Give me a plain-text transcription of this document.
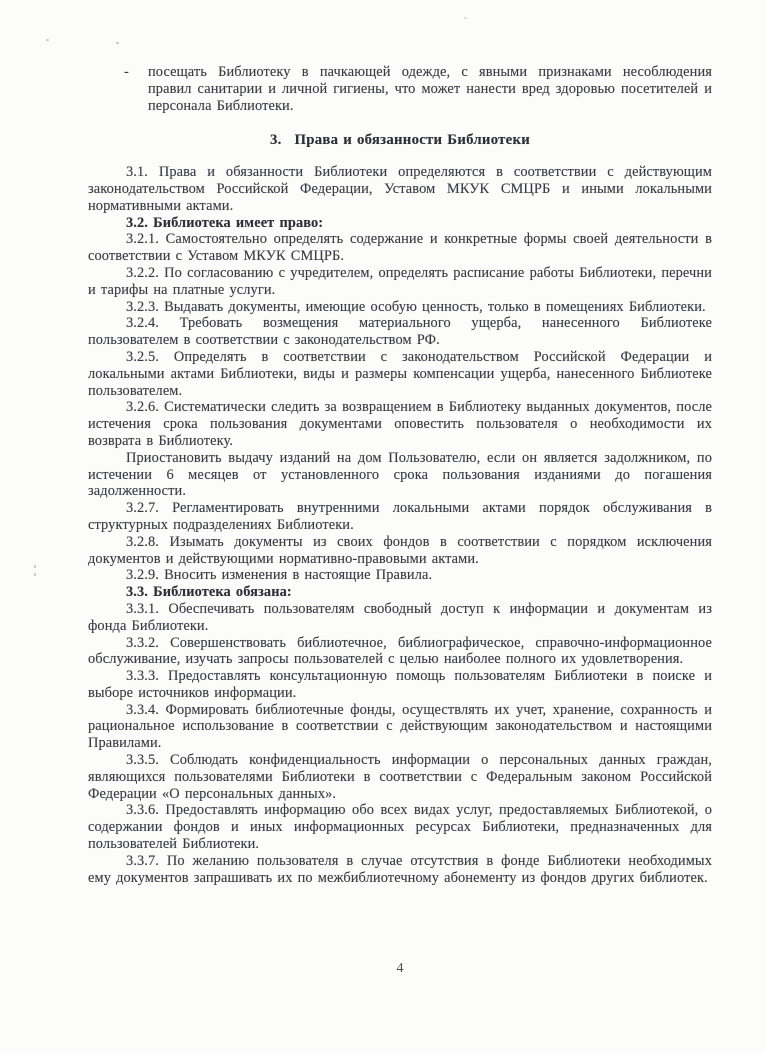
- посещать Библиотеку в пачкающей одежде, с явными признаками несоблюдения правил санитарии и личной гигиены, что может нанести вред здоровью посетителей и персонала Библиотеки.
3. Права и обязанности Библиотеки

3.1. Права и обязанности Библиотеки определяются в соответствии с действующим законодательством Российской Федерации, Уставом МКУК СМЦРБ и иными локальными нормативными актами.

3.2. Библиотека имеет право:

3.2.1. Самостоятельно определять содержание и конкретные формы своей деятельности в соответствии с Уставом МКУК СМЦРБ.

3.2.2. По согласованию с учредителем, определять расписание работы Библиотеки, перечни и тарифы на платные услуги.

3.2.3. Выдавать документы, имеющие особую ценность, только в помещениях Библиотеки.

3.2.4. Требовать возмещения материального ущерба, нанесенного Библиотеке пользователем в соответствии с законодательством РФ.

3.2.5. Определять в соответствии с законодательством Российской Федерации и локальными актами Библиотеки, виды и размеры компенсации ущерба, нанесенного Библиотеке пользователем.

3.2.6. Систематически следить за возвращением в Библиотеку выданных документов, после истечения срока пользования документами оповестить пользователя о необходимости их возврата в Библиотеку.

Приостановить выдачу изданий на дом Пользователю, если он является задолжником, по истечении 6 месяцев от установленного срока пользования изданиями до погашения задолженности.

3.2.7. Регламентировать внутренними локальными актами порядок обслуживания в структурных подразделениях Библиотеки.

3.2.8. Изымать документы из своих фондов в соответствии с порядком исключения документов и действующими нормативно-правовыми актами.

3.2.9. Вносить изменения в настоящие Правила.

3.3. Библиотека обязана:

3.3.1. Обеспечивать пользователям свободный доступ к информации и документам из фонда Библиотеки.

3.3.2. Совершенствовать библиотечное, библиографическое, справочно-информационное обслуживание, изучать запросы пользователей с целью наиболее полного их удовлетворения.

3.3.3. Предоставлять консультационную помощь пользователям Библиотеки в поиске и выборе источников информации.

3.3.4. Формировать библиотечные фонды, осуществлять их учет, хранение, сохранность и рациональное использование в соответствии с действующим законодательством и настоящими Правилами.

3.3.5. Соблюдать конфиденциальность информации о персональных данных граждан, являющихся пользователями Библиотеки в соответствии с Федеральным законом Российской Федерации «О персональных данных».

3.3.6. Предоставлять информацию обо всех видах услуг, предоставляемых Библиотекой, о содержании фондов и иных информационных ресурсах Библиотеки, предназначенных для пользователей Библиотеки.

3.3.7. По желанию пользователя в случае отсутствия в фонде Библиотеки необходимых ему документов запрашивать их по межбиблиотечному абонементу из фондов других библиотек.

4
